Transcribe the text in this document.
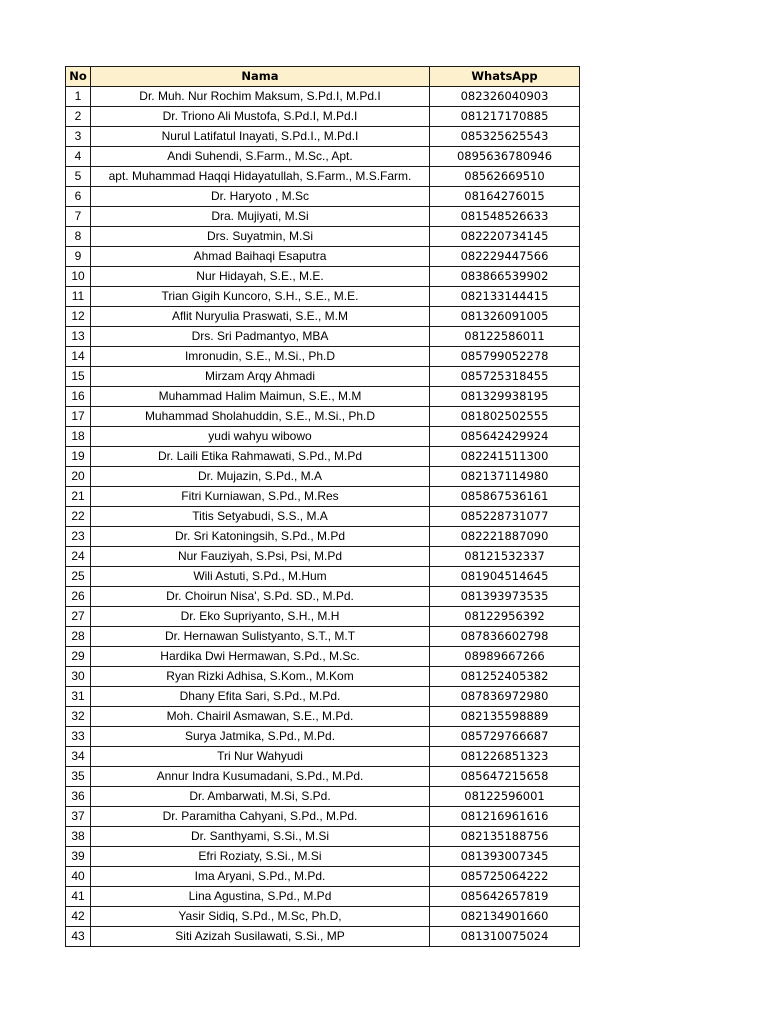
No	Nama	WhatsApp
1	Dr. Muh. Nur Rochim Maksum, S.Pd.I, M.Pd.I	082326040903
2	Dr. Triono Ali Mustofa, S.Pd.I, M.Pd.I	081217170885
3	Nurul Latifatul Inayati, S.Pd.I., M.Pd.I	085325625543
4	Andi Suhendi, S.Farm., M.Sc., Apt.	0895636780946
5	apt. Muhammad Haqqi Hidayatullah, S.Farm., M.S.Farm.	08562669510
6	Dr. Haryoto , M.Sc	08164276015
7	Dra. Mujiyati, M.Si	081548526633
8	Drs. Suyatmin, M.Si	082220734145
9	Ahmad Baihaqi Esaputra	082229447566
10	Nur Hidayah, S.E., M.E.	083866539902
11	Trian Gigih Kuncoro, S.H., S.E., M.E.	082133144415
12	Aflit Nuryulia Praswati, S.E., M.M	081326091005
13	Drs. Sri Padmantyo, MBA	08122586011
14	Imronudin, S.E., M.Si., Ph.D	085799052278
15	Mirzam Arqy Ahmadi	085725318455
16	Muhammad Halim Maimun, S.E., M.M	081329938195
17	Muhammad Sholahuddin, S.E., M.Si., Ph.D	081802502555
18	yudi wahyu wibowo	085642429924
19	Dr. Laili Etika Rahmawati, S.Pd., M.Pd	082241511300
20	Dr. Mujazin, S.Pd., M.A	082137114980
21	Fitri Kurniawan, S.Pd., M.Res	085867536161
22	Titis Setyabudi, S.S., M.A	085228731077
23	Dr. Sri Katoningsih, S.Pd., M.Pd	082221887090
24	Nur Fauziyah, S.Psi, Psi, M.Pd	08121532337
25	Wili Astuti, S.Pd., M.Hum	081904514645
26	Dr. Choirun Nisa', S.Pd. SD., M.Pd.	081393973535
27	Dr. Eko Supriyanto, S.H., M.H	08122956392
28	Dr. Hernawan Sulistyanto, S.T., M.T	087836602798
29	Hardika Dwi Hermawan, S.Pd., M.Sc.	08989667266
30	Ryan Rizki Adhisa, S.Kom., M.Kom	081252405382
31	Dhany Efita Sari, S.Pd., M.Pd.	087836972980
32	Moh. Chairil Asmawan, S.E., M.Pd.	082135598889
33	Surya Jatmika, S.Pd., M.Pd.	085729766687
34	Tri Nur Wahyudi	081226851323
35	Annur Indra Kusumadani, S.Pd., M.Pd.	085647215658
36	Dr. Ambarwati, M.Si, S.Pd.	08122596001
37	Dr. Paramitha Cahyani, S.Pd., M.Pd.	081216961616
38	Dr. Santhyami, S.Si., M.Si	082135188756
39	Efri Roziaty, S.Si., M.Si	081393007345
40	Ima Aryani, S.Pd., M.Pd.	085725064222
41	Lina Agustina, S.Pd., M.Pd	085642657819
42	Yasir Sidiq, S.Pd., M.Sc, Ph.D,	082134901660
43	Siti Azizah Susilawati, S.Si., MP	081310075024
